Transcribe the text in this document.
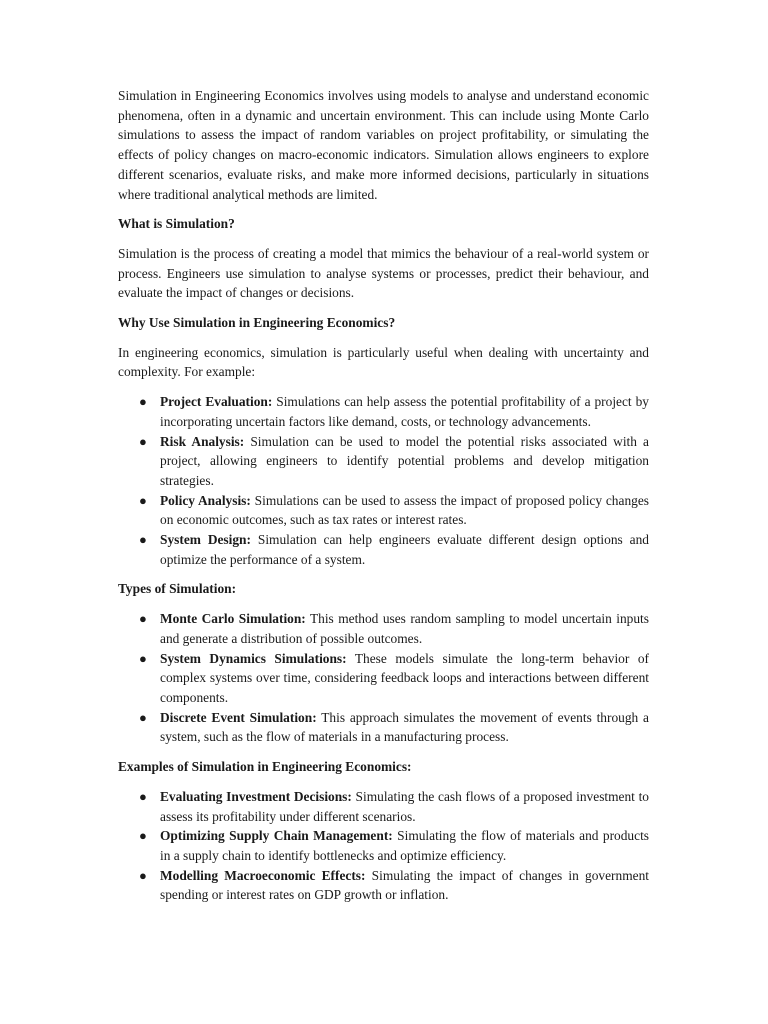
Simulation in Engineering Economics involves using models to analyse and understand economic phenomena, often in a dynamic and uncertain environment. This can include using Monte Carlo simulations to assess the impact of random variables on project profitability, or simulating the effects of policy changes on macro-economic indicators. Simulation allows engineers to explore different scenarios, evaluate risks, and make more informed decisions, particularly in situations where traditional analytical methods are limited.

What is Simulation?

Simulation is the process of creating a model that mimics the behaviour of a real-world system or process. Engineers use simulation to analyse systems or processes, predict their behaviour, and evaluate the impact of changes or decisions.

Why Use Simulation in Engineering Economics?

In engineering economics, simulation is particularly useful when dealing with uncertainty and complexity. For example:

● Project Evaluation: Simulations can help assess the potential profitability of a project by incorporating uncertain factors like demand, costs, or technology advancements.
● Risk Analysis: Simulation can be used to model the potential risks associated with a project, allowing engineers to identify potential problems and develop mitigation strategies.
● Policy Analysis: Simulations can be used to assess the impact of proposed policy changes on economic outcomes, such as tax rates or interest rates.
● System Design: Simulation can help engineers evaluate different design options and optimize the performance of a system.
Types of Simulation:
● Monte Carlo Simulation: This method uses random sampling to model uncertain inputs and generate a distribution of possible outcomes.
● System Dynamics Simulations: These models simulate the long-term behavior of complex systems over time, considering feedback loops and interactions between different components.
● Discrete Event Simulation: This approach simulates the movement of events through a system, such as the flow of materials in a manufacturing process.
Examples of Simulation in Engineering Economics:
● Evaluating Investment Decisions: Simulating the cash flows of a proposed investment to assess its profitability under different scenarios.
● Optimizing Supply Chain Management: Simulating the flow of materials and products in a supply chain to identify bottlenecks and optimize efficiency.
● Modelling Macroeconomic Effects: Simulating the impact of changes in government spending or interest rates on GDP growth or inflation.
